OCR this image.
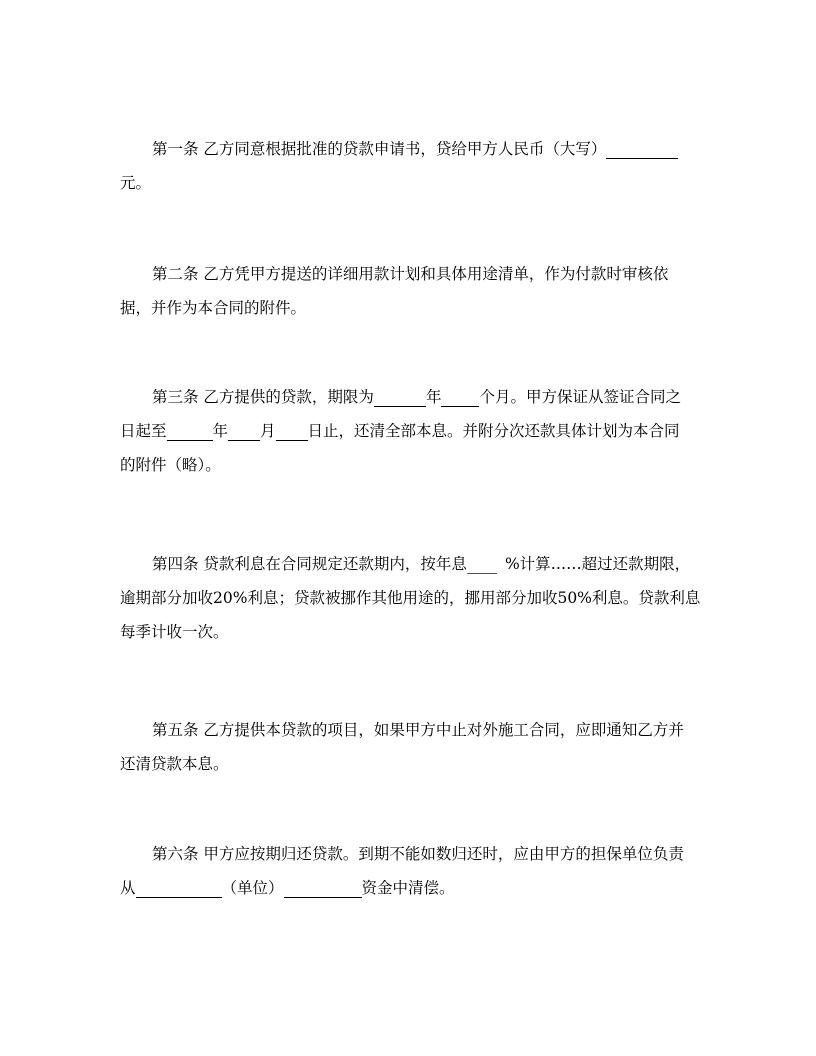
第一条 乙方同意根据批准的贷款申请书，贷给甲方人民币（大写）
元。
第二条 乙方凭甲方提送的详细用款计划和具体用途清单，作为付款时审核依
据，并作为本合同的附件。
第三条 乙方提供的贷款，期限为	年 个月。甲方保证从签证合同之
日起至	年 月 日止，还清全部本息。并附分次还款具体计划为本合同
的附件（略）。
第四条 贷款利息在合同规定还款期内，按年息 %计算……超过还款期限，
逾期部分加收20%利息；贷款被挪作其他用途的，挪用部分加收50%利息。贷款利息
每季计收一次。
第五条 乙方提供本贷款的项目，如果甲方中止对外施工合同，应即通知乙方并
还清贷款本息。
第六条 甲方应按期归还贷款。到期不能如数归还时，应由甲方的担保单位负责
从	（单位）	资金中清偿。
